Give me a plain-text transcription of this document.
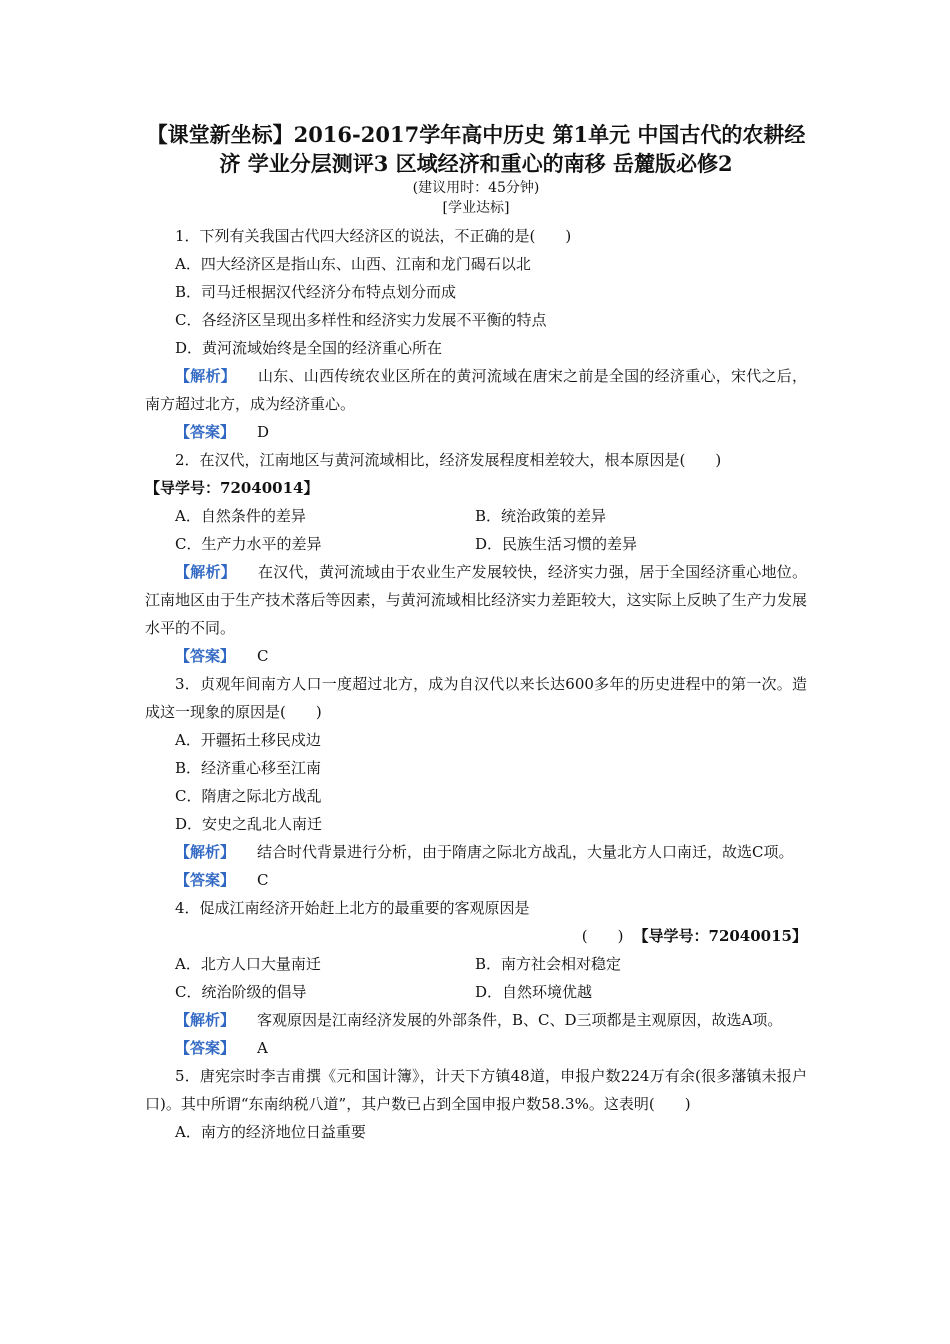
【课堂新坐标】2016-2017学年高中历史 第1单元 中国古代的农耕经济 学业分层测评3 区域经济和重心的南移 岳麓版必修2
(建议用时：45分钟)
[学业达标]
1．下列有关我国古代四大经济区的说法，不正确的是(　　)
A．四大经济区是指山东、山西、江南和龙门碣石以北
B．司马迁根据汉代经济分布特点划分而成
C．各经济区呈现出多样性和经济实力发展不平衡的特点
D．黄河流域始终是全国的经济重心所在

【解析】 山东、山西传统农业区所在的黄河流域在唐宋之前是全国的经济重心，宋代之后，南方超过北方，成为经济重心。

【答案】 D
2．在汉代，江南地区与黄河流域相比，经济发展程度相差较大，根本原因是(　　)
【导学号：72040014】
A．自然条件的差异	B．统治政策的差异
C．生产力水平的差异	D．民族生活习惯的差异

【解析】 在汉代，黄河流域由于农业生产发展较快，经济实力强，居于全国经济重心地位。江南地区由于生产技术落后等因素，与黄河流域相比经济实力差距较大，这实际上反映了生产力发展水平的不同。

【答案】 C

3．贞观年间南方人口一度超过北方，成为自汉代以来长达600多年的历史进程中的第一次。造成这一现象的原因是(　　)

A．开疆拓土移民戍边
B．经济重心移至江南
C．隋唐之际北方战乱
D．安史之乱北人南迁

【解析】 结合时代背景进行分析，由于隋唐之际北方战乱，大量北方人口南迁，故选C项。

【答案】 C
4．促成江南经济开始赶上北方的最重要的客观原因是
(　　) 【导学号：72040015】
A．北方人口大量南迁	B．南方社会相对稳定
C．统治阶级的倡导	D．自然环境优越

【解析】 客观原因是江南经济发展的外部条件，B、C、D三项都是主观原因，故选A项。

【答案】 A

5．唐宪宗时李吉甫撰《元和国计簿》，计天下方镇48道，申报户数224万有余(很多藩镇未报户口)。其中所谓“东南纳税八道”，其户数已占到全国申报户数58.3%。这表明(　　)

A．南方的经济地位日益重要
